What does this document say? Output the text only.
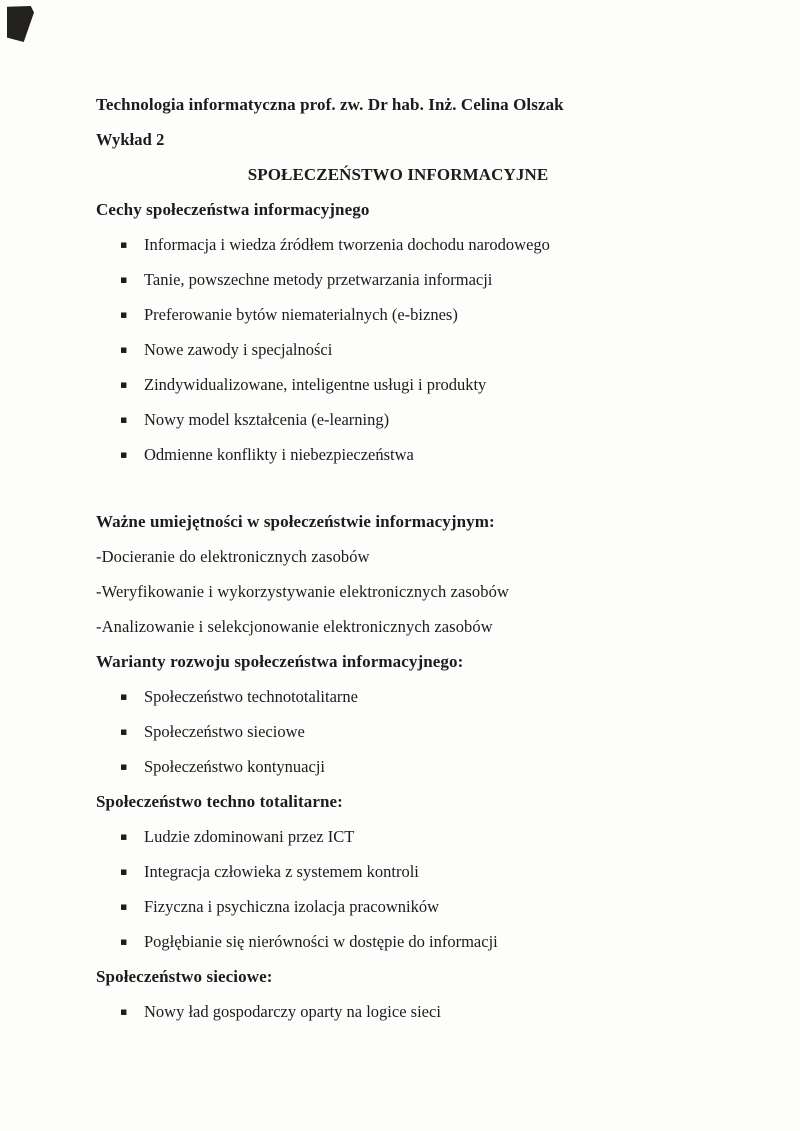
Technologia informatyczna prof. zw. Dr hab. Inż. Celina Olszak

Wykład 2

SPOŁECZEŃSTWO INFORMACYJNE
Cechy społeczeństwa informacyjnego
▪ Informacja i wiedza źródłem tworzenia dochodu narodowego
▪ Tanie, powszechne metody przetwarzania informacji
▪ Preferowanie bytów niematerialnych (e-biznes)
▪ Nowe zawody i specjalności
▪ Zindywidualizowane, inteligentne usługi i produkty
▪ Nowy model kształcenia (e-learning)
▪ Odmienne konflikty i niebezpieczeństwa
Ważne umiejętności w społeczeństwie informacyjnym:

-Docieranie do elektronicznych zasobów

-Weryfikowanie i wykorzystywanie elektronicznych zasobów

-Analizowanie i selekcjonowanie elektronicznych zasobów

Warianty rozwoju społeczeństwa informacyjnego:
▪ Społeczeństwo technototalitarne
▪ Społeczeństwo sieciowe
▪ Społeczeństwo kontynuacji
Społeczeństwo techno totalitarne:
▪ Ludzie zdominowani przez ICT
▪ Integracja człowieka z systemem kontroli
▪ Fizyczna i psychiczna izolacja pracowników
▪ Pogłębianie się nierówności w dostępie do informacji
Społeczeństwo sieciowe:
▪ Nowy ład gospodarczy oparty na logice sieci
